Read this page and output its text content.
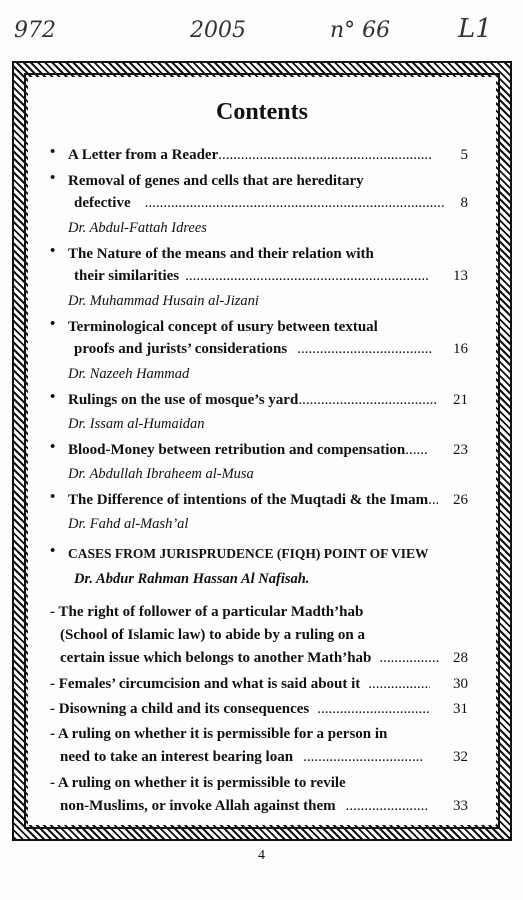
972	2005	n° 66	L1
Contents
• A Letter from a Reader .....	5
• Removal of genes and cells that are hereditary
defective .....	8
Dr. Abdul-Fattah Idrees
• The Nature of the means and their relation with
their similarities .....	13
Dr. Muhammad Husain al-Jizani
• Terminological concept of usury between textual
proofs and jurists’ considerations .....	16
Dr. Nazeeh Hammad
• Rulings on the use of mosque’s yard .....	21
Dr. Issam al-Humaidan
• Blood-Money between retribution and compensation .....	23
Dr. Abdullah Ibraheem al-Musa
• The Difference of intentions of the Muqtadi & the Imam .....	26
Dr. Fahd al-Mash’al
• CASES FROM JURISPRUDENCE (FIQH) POINT OF VIEW
Dr. Abdur Rahman Hassan Al Nafisah.
- The right of follower of a particular Madth’hab
(School of Islamic law) to abide by a ruling on a
certain issue which belongs to another Math’hab .....	28
- Females’ circumcision and what is said about it .....	30
- Disowning a child and its consequences .....	31
- A ruling on whether it is permissible for a person in
need to take an interest bearing loan .....	32
- A ruling on whether it is permissible to revile
non-Muslims, or invoke Allah against them .....	33
4
